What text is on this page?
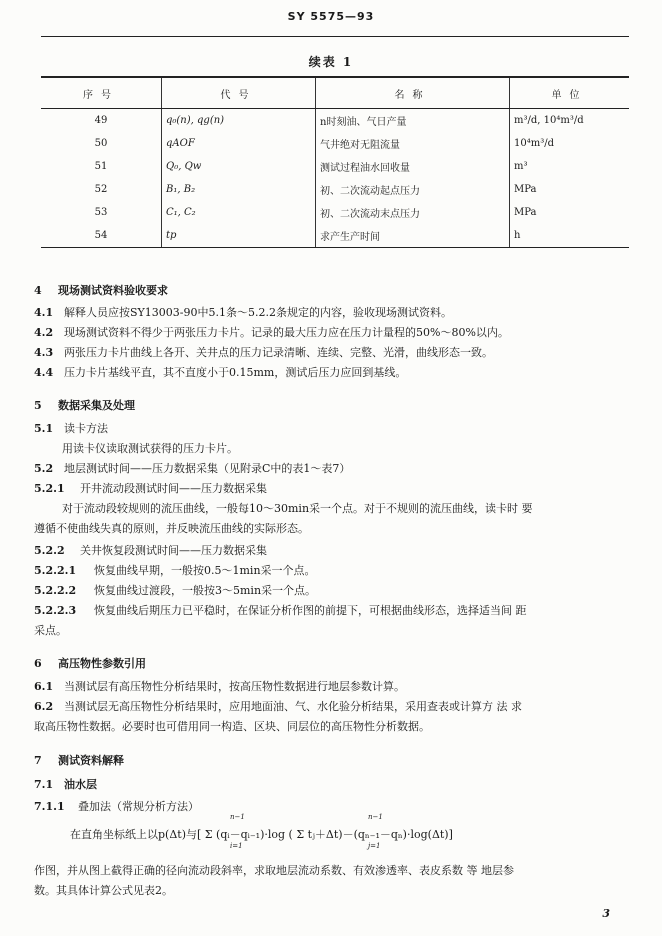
SY 5575—93
续表 1
序号	代号	名称	单位
49	q₀(n), qg(n)	n时刻油、气日产量	m³/d, 10⁴m³/d
50	qAOF	气井绝对无阻流量	10⁴m³/d
51	Q₀, Qw	测试过程油水回收量	m³
52	B₁, B₂	初、二次流动起点压力	MPa
53	C₁, C₂	初、二次流动末点压力	MPa
54	tp	求产生产时间	h
4 现场测试资料验收要求
4.1 解释人员应按SY13003-90中5.1条～5.2.2条规定的内容，验收现场测试资料。
4.2 现场测试资料不得少于两张压力卡片。记录的最大压力应在压力计量程的50%～80%以内。
4.3 两张压力卡片曲线上各开、关井点的压力记录清晰、连续、完整、光滑，曲线形态一致。
4.4 压力卡片基线平直，其不直度小于0.15mm，测试后压力应回到基线。
5 数据采集及处理
5.1 读卡方法
用读卡仪读取测试获得的压力卡片。
5.2 地层测试时间——压力数据采集（见附录C中的表1～表7）
5.2.1 开井流动段测试时间——压力数据采集
对于流动段较规则的流压曲线，一般每10～30min采一个点。对于不规则的流压曲线，读卡时 要
遵循不使曲线失真的原则，并反映流压曲线的实际形态。
5.2.2 关井恢复段测试时间——压力数据采集
5.2.2.1 恢复曲线早期，一般按0.5～1min采一个点。
5.2.2.2 恢复曲线过渡段，一般按3～5min采一个点。
5.2.2.3 恢复曲线后期压力已平稳时，在保证分析作图的前提下，可根据曲线形态，选择适当间 距
采点。
6 高压物性参数引用
6.1 当测试层有高压物性分析结果时，按高压物性数据进行地层参数计算。
6.2 当测试层无高压物性分析结果时，应用地面油、气、水化验分析结果，采用查表或计算方 法 求
取高压物性数据。必要时也可借用同一构造、区块、同层位的高压物性分析数据。
7 测试资料解释
7.1 油水层
7.1.1 叠加法（常规分析方法）
n−1	n−1
在直角坐标纸上以p(Δt)与[ Σ (qᵢ－qᵢ₋₁)·log ( Σ tⱼ＋Δt)－(qₙ₋₁－qₙ)·log(Δt)]
i=1	j=1
作图，并从图上截得正确的径向流动段斜率，求取地层流动系数、有效渗透率、表皮系数 等 地层参
数。其具体计算公式见表2。
3
